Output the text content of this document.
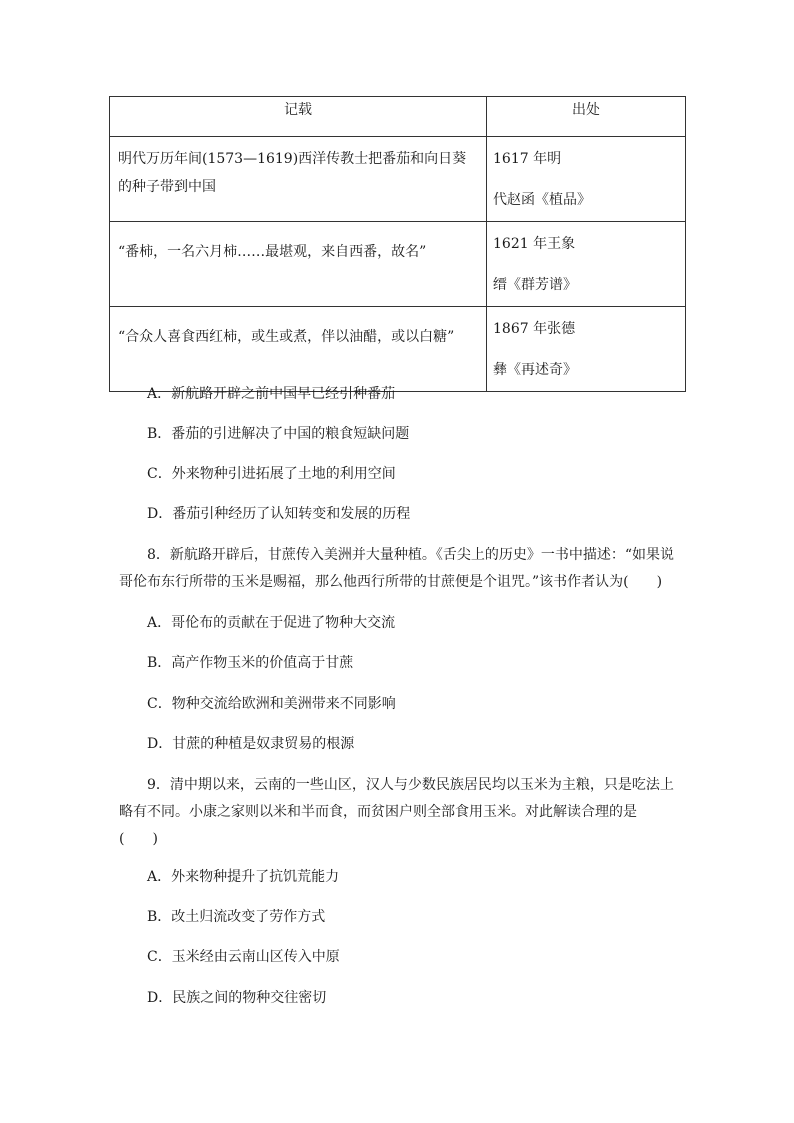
记载	出处

明代万历年间(1573—1619)西洋传教士把番茄和向日葵的种子带到中国	1617 年明
代赵函《植品》

“番柿，一名六月柿……最堪观，来自西番，故名”	1621 年王象
缙《群芳谱》

“合众人喜食西红柿，或生或煮，伴以油醋，或以白糖”	1867 年张德
彝《再述奇》
A．新航路开辟之前中国早已经引种番茄
B．番茄的引进解决了中国的粮食短缺问题
C．外来物种引进拓展了土地的利用空间
D．番茄引种经历了认知转变和发展的历程
8．新航路开辟后，甘蔗传入美洲并大量种植。《舌尖上的历史》一书中描述：“如果说
哥伦布东行所带的玉米是赐福，那么他西行所带的甘蔗便是个诅咒。”该书作者认为(　　)
A．哥伦布的贡献在于促进了物种大交流
B．高产作物玉米的价值高于甘蔗
C．物种交流给欧洲和美洲带来不同影响
D．甘蔗的种植是奴隶贸易的根源
9．清中期以来，云南的一些山区，汉人与少数民族居民均以玉米为主粮，只是吃法上
略有不同。小康之家则以米和半而食，而贫困户则全部食用玉米。对此解读合理的是
(　　)
A．外来物种提升了抗饥荒能力
B．改土归流改变了劳作方式
C．玉米经由云南山区传入中原
D．民族之间的物种交往密切
